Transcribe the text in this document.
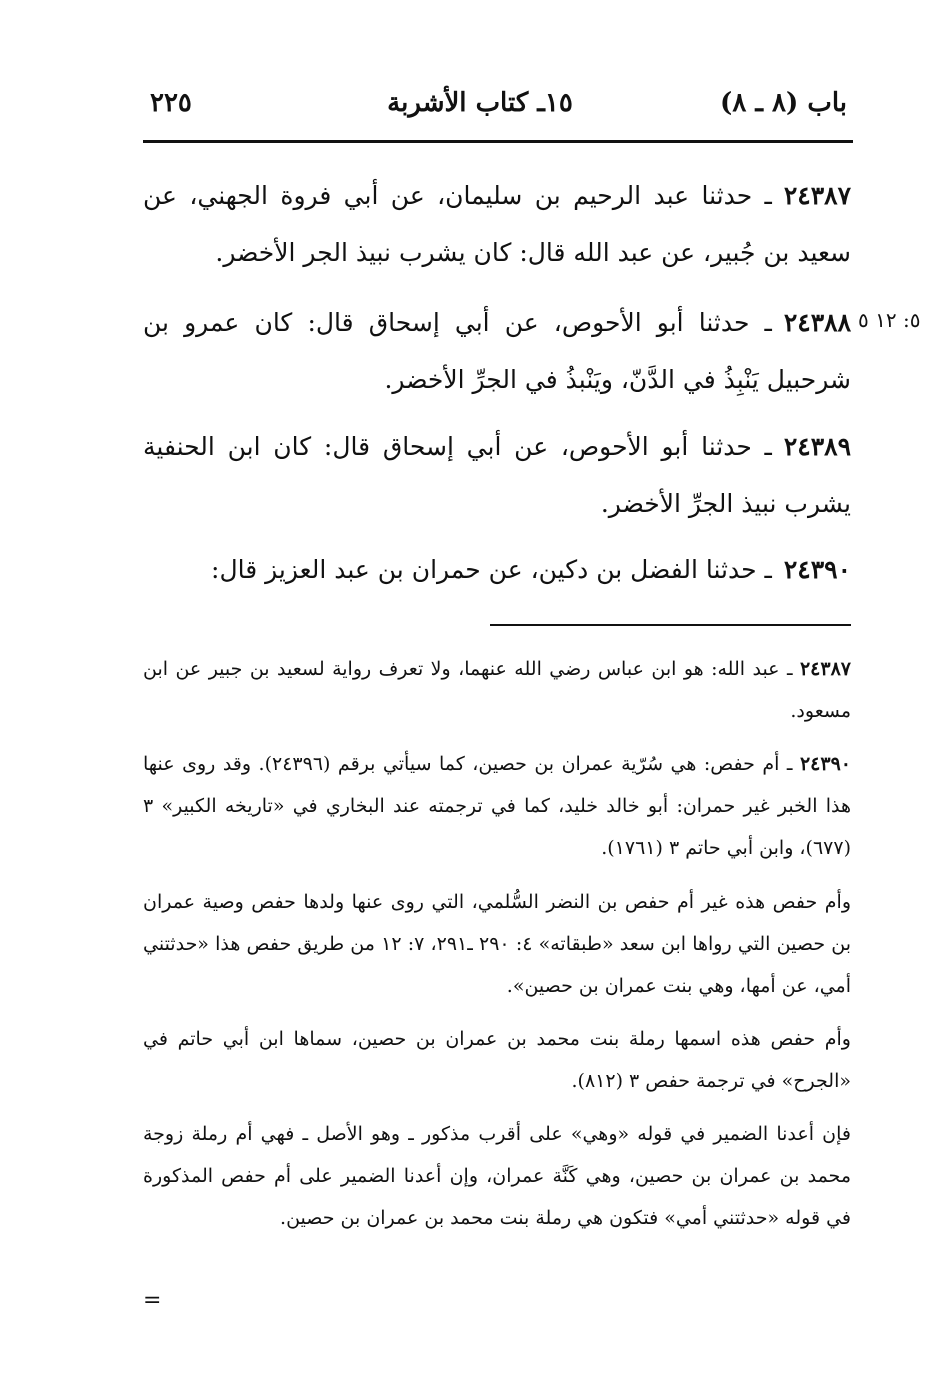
٢٢٥	١٥ـ كتاب الأشربة	باب (٨ ـ ٨)
٢٤٣٨٧ـ حدثنا عبد الرحيم بن سليمان، عن أبي فروة الجهني، عن سعيد بن جُبير، عن عبد الله قال: كان يشرب نبيذ الجر الأخضر.
٥: ١٢ ٥
٢٤٣٨٨ـ حدثنا أبو الأحوص، عن أبي إسحاق قال: كان عمرو بن شرحبيل يَنْبِذُ في الدَّنّ، ويَنْبذُ في الجرِّ الأخضر.
٢٤٣٨٩ـ حدثنا أبو الأحوص، عن أبي إسحاق قال: كان ابن الحنفية يشرب نبيذ الجرِّ الأخضر.
٢٤٣٩٠ـ حدثنا الفضل بن دكين، عن حمران بن عبد العزيز قال:
٢٤٣٨٧ ـ عبد الله: هو ابن عباس رضي الله عنهما، ولا تعرف رواية لسعيد بن جبير عن ابن مسعود.
٢٤٣٩٠ ـ أم حفص: هي سُرّية عمران بن حصين، كما سيأتي برقم (٢٤٣٩٦). وقد روى عنها هذا الخبر غير حمران: أبو خالد خليد، كما في ترجمته عند البخاري في «تاريخه الكبير» ٣ (٦٧٧)، وابن أبي حاتم ٣ (١٧٦١).
وأم حفص هذه غير أم حفص بن النضر السُّلمي، التي روى عنها ولدها حفص وصية عمران بن حصين التي رواها ابن سعد «طبقاته» ٤: ٢٩٠ ـ٢٩١، ٧: ١٢ من طريق حفص هذا «حدثتني أمي، عن أمها، وهي بنت عمران بن حصين».
وأم حفص هذه اسمها رملة بنت محمد بن عمران بن حصين، سماها ابن أبي حاتم في «الجرح» في ترجمة حفص ٣ (٨١٢).
فإن أعدنا الضمير في قوله «وهي» على أقرب مذكور ـ وهو الأصل ـ فهي أم رملة زوجة محمد بن عمران بن حصين، وهي كَنَّة عمران، وإن أعدنا الضمير على أم حفص المذكورة في قوله «حدثتني أمي» فتكون هي رملة بنت محمد بن عمران بن حصين.
=
